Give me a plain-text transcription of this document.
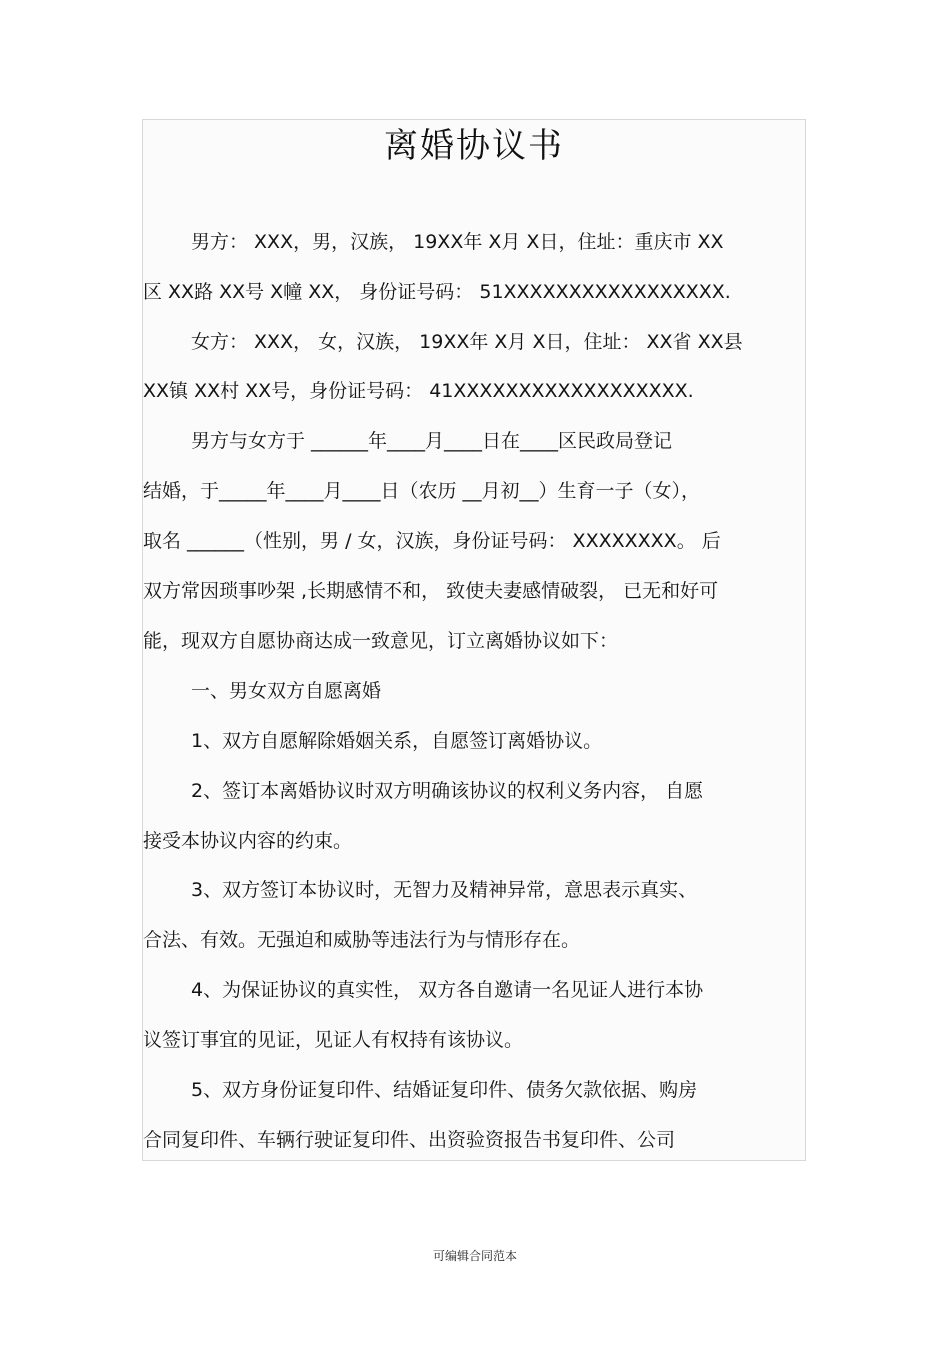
离婚协议书
男方： XXX，男，汉族， 19XX年 X月 X日，住址：重庆市 XX
区 XX路 XX号 X幢 XX， 身份证号码： 51XXXXXXXXXXXXXXXXX.
女方： XXX， 女，汉族， 19XX年 X月 X日，住址： XX省 XX县
XX镇 XX村 XX号，身份证号码： 41XXXXXXXXXXXXXXXXXX.
男方与女方于 ______年____月____日在____区民政局登记
结婚，于_____年____月____日（农历 __月初__）生育一子（女），
取名 ______（性别，男 / 女，汉族，身份证号码： XXXXXXXX。 后
双方常因琐事吵架 ,长期感情不和， 致使夫妻感情破裂， 已无和好可
能，现双方自愿协商达成一致意见，订立离婚协议如下：
一、男女双方自愿离婚
1、双方自愿解除婚姻关系，自愿签订离婚协议。
2、签订本离婚协议时双方明确该协议的权利义务内容， 自愿
接受本协议内容的约束。
3、双方签订本协议时，无智力及精神异常，意思表示真实、
合法、有效。无强迫和威胁等违法行为与情形存在。
4、为保证协议的真实性， 双方各自邀请一名见证人进行本协
议签订事宜的见证，见证人有权持有该协议。
5、双方身份证复印件、结婚证复印件、债务欠款依据、购房
合同复印件、车辆行驶证复印件、出资验资报告书复印件、公司
可编辑合同范本
